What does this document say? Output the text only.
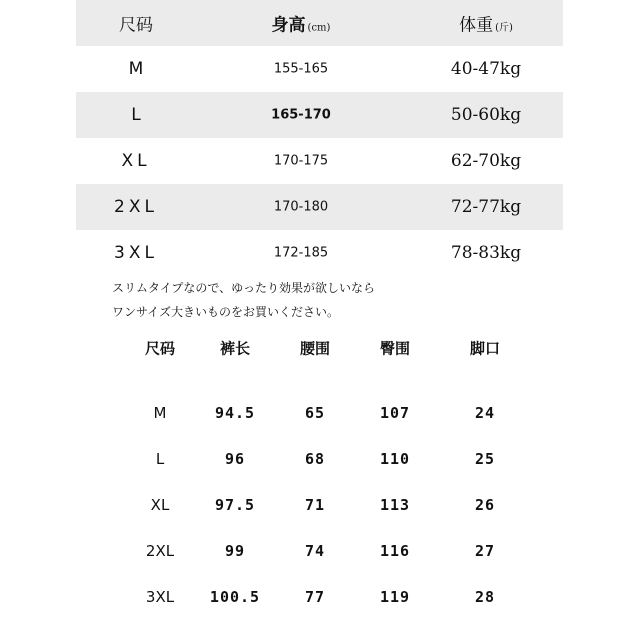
尺码	身高 (cm)	体重 (斤)
M	155-165	40-47kg
L	165-170	50-60kg
XL	170-175	62-70kg
2XL	170-180	72-77kg
3XL	172-185	78-83kg
スリムタイプなので、ゆったり効果が欲しいなら
ワンサイズ大きいものをお買いください。
尺码	裤长	腰围	臀围	脚口
M	94.5	65	107	24
L	96	68	110	25
XL	97.5	71	113	26
2XL	99	74	116	27
3XL	100.5	77	119	28
